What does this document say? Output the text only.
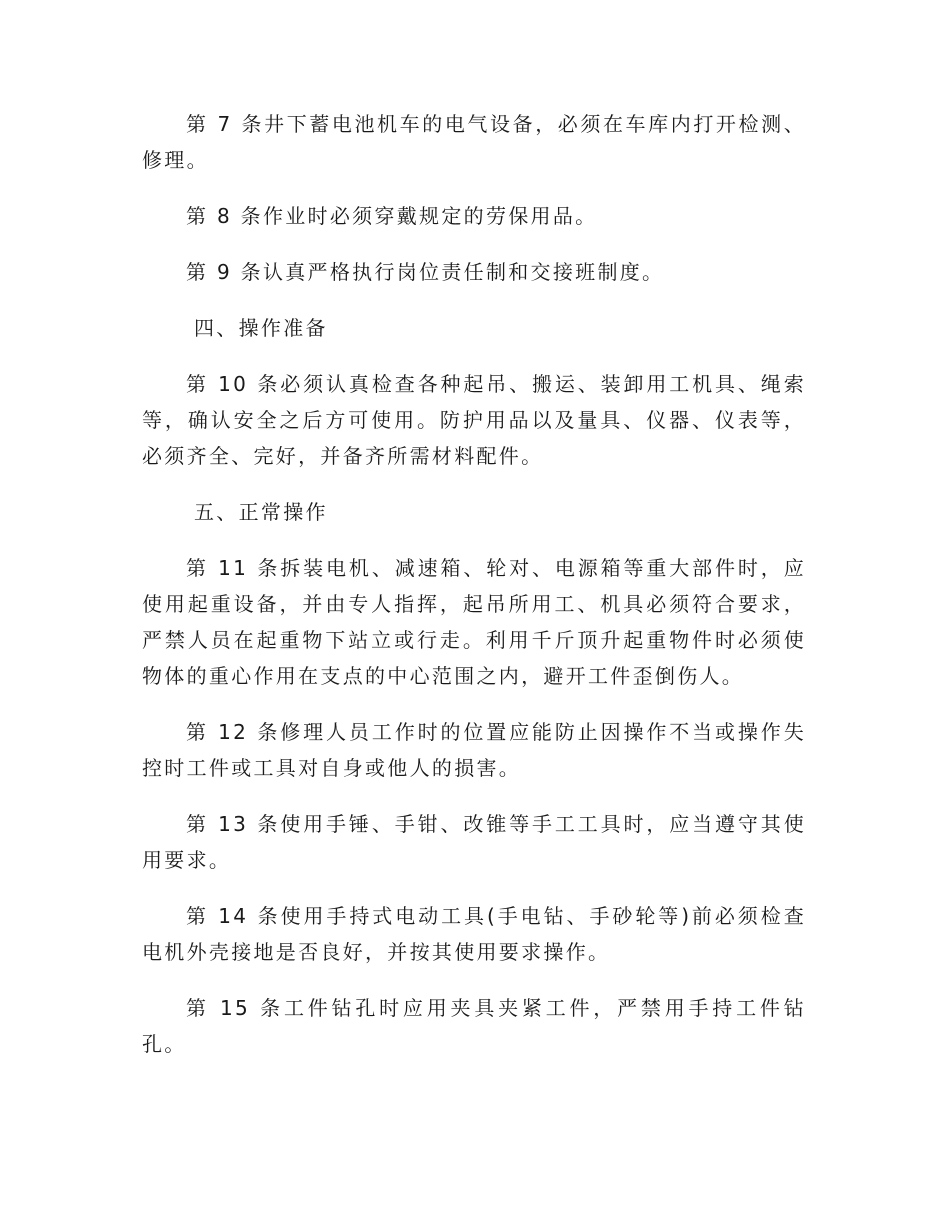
第 7 条井下蓄电池机车的电气设备，必须在车库内打开检测、修理。

第 8 条作业时必须穿戴规定的劳保用品。

第 9 条认真严格执行岗位责任制和交接班制度。

四、操作准备

第 10 条必须认真检查各种起吊、搬运、装卸用工机具、绳索等，确认安全之后方可使用。防护用品以及量具、仪器、仪表等，必须齐全、完好，并备齐所需材料配件。

五、正常操作

第 11 条拆装电机、减速箱、轮对、电源箱等重大部件时，应使用起重设备，并由专人指挥，起吊所用工、机具必须符合要求，严禁人员在起重物下站立或行走。利用千斤顶升起重物件时必须使物体的重心作用在支点的中心范围之内，避开工件歪倒伤人。

第 12 条修理人员工作时的位置应能防止因操作不当或操作失控时工件或工具对自身或他人的损害。

第 13 条使用手锤、手钳、改锥等手工工具时，应当遵守其使用要求。

第 14 条使用手持式电动工具(手电钻、手砂轮等)前必须检查电机外壳接地是否良好，并按其使用要求操作。

第 15 条工件钻孔时应用夹具夹紧工件，严禁用手持工件钻孔。
